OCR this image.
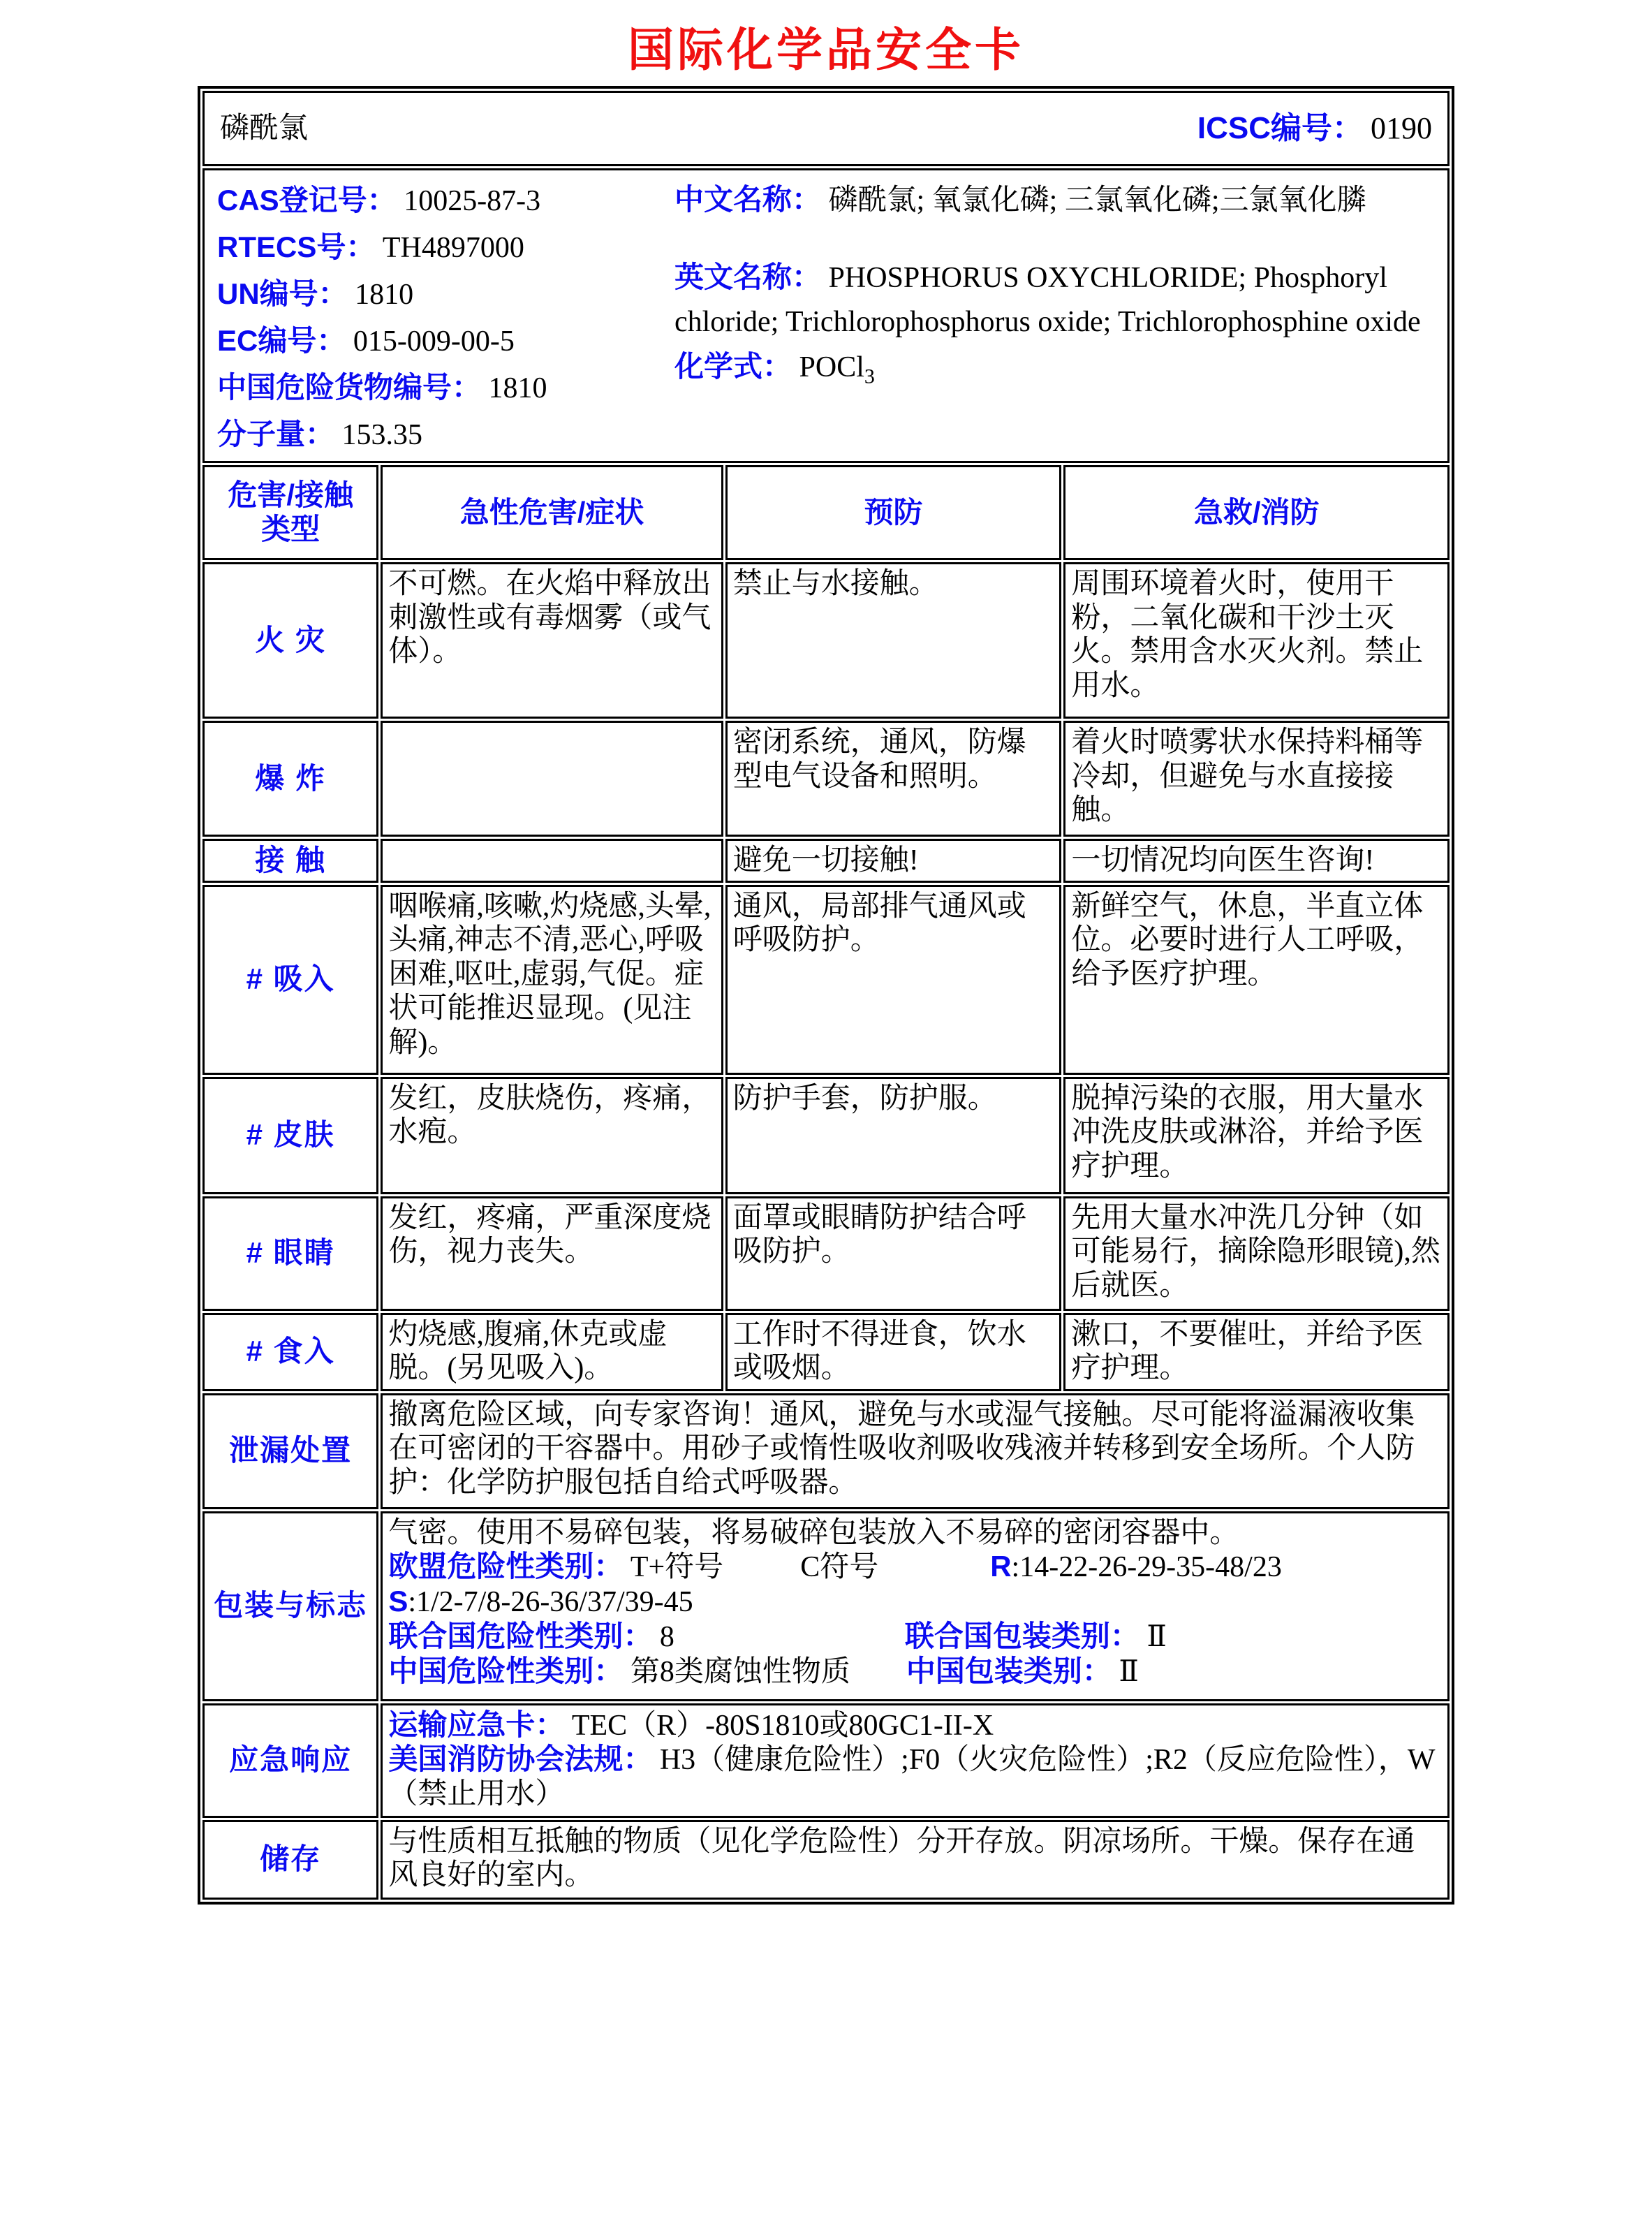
国际化学品安全卡
磷酰氯 ICSC编号： 0190			

CAS登记号： 10025-87-3
RTECS号： TH4897000
UN编号： 1810
EC编号： 015-009-00-5
中国危险货物编号： 1810
分子量： 153.35
中文名称： 磷酰氯; 氧氯化磷; 三氯氧化磷;三氯氧化膦
英文名称： PHOSPHORUS OXYCHLORIDE; Phosphoryl chloride; Trichlorophosphorus oxide; Trichlorophosphine oxide
化学式： POCl$_3$

危害/接触
类型	急性危害/症状	预防	急救/消防
火 灾	不可燃。在火焰中释放出刺激性或有毒烟雾（或气体）。	禁止与水接触。	周围环境着火时，使用干粉，二氧化碳和干沙土灭火。禁用含水灭火剂。禁止用水。
爆 炸		密闭系统，通风，防爆型电气设备和照明。	着火时喷雾状水保持料桶等冷却，但避免与水直接接触。
接 触		避免一切接触!	一切情况均向医生咨询!
# 吸入	咽喉痛,咳嗽,灼烧感,头晕,头痛,神志不清,恶心,呼吸困难,呕吐,虚弱,气促。症状可能推迟显现。(见注解)。	通风，局部排气通风或呼吸防护。	新鲜空气，休息，半直立体位。必要时进行人工呼吸，给予医疗护理。
# 皮肤	发红，皮肤烧伤，疼痛，水疱。	防护手套，防护服。	脱掉污染的衣服，用大量水冲洗皮肤或淋浴，并给予医疗护理。
# 眼睛	发红，疼痛，严重深度烧伤，视力丧失。	面罩或眼睛防护结合呼吸防护。	先用大量水冲洗几分钟（如可能易行，摘除隐形眼镜),然后就医。
# 食入	灼烧感,腹痛,休克或虚脱。(另见吸入)。	工作时不得进食，饮水或吸烟。	漱口，不要催吐，并给予医疗护理。
泄漏处置	撤离危险区域，向专家咨询！通风，避免与水或湿气接触。尽可能将溢漏液收集在可密闭的干容器中。用砂子或惰性吸收剂吸收残液并转移到安全场所。个人防护：化学防护服包括自给式呼吸器。		
包装与标志	气密。使用不易碎包装，将易破碎包装放入不易碎的密闭容器中。
欧盟危险性类别： T+符号 C符号 R:14-22-26-29-35-48/23
S:1/2-7/8-26-36/37/39-45
联合国危险性类别： 8 联合国包装类别： Ⅱ
中国危险性类别： 第8类腐蚀性物质 中国包装类别： Ⅱ		

应急响应	运输应急卡： TEC（R）-80S1810或80GC1-II-X
美国消防协会法规： H3（健康危险性）;F0（火灾危险性）;R2（反应危险性），W （禁止用水）		

储存	与性质相互抵触的物质（见化学危险性）分开存放。阴凉场所。干燥。保存在通风良好的室内。		
